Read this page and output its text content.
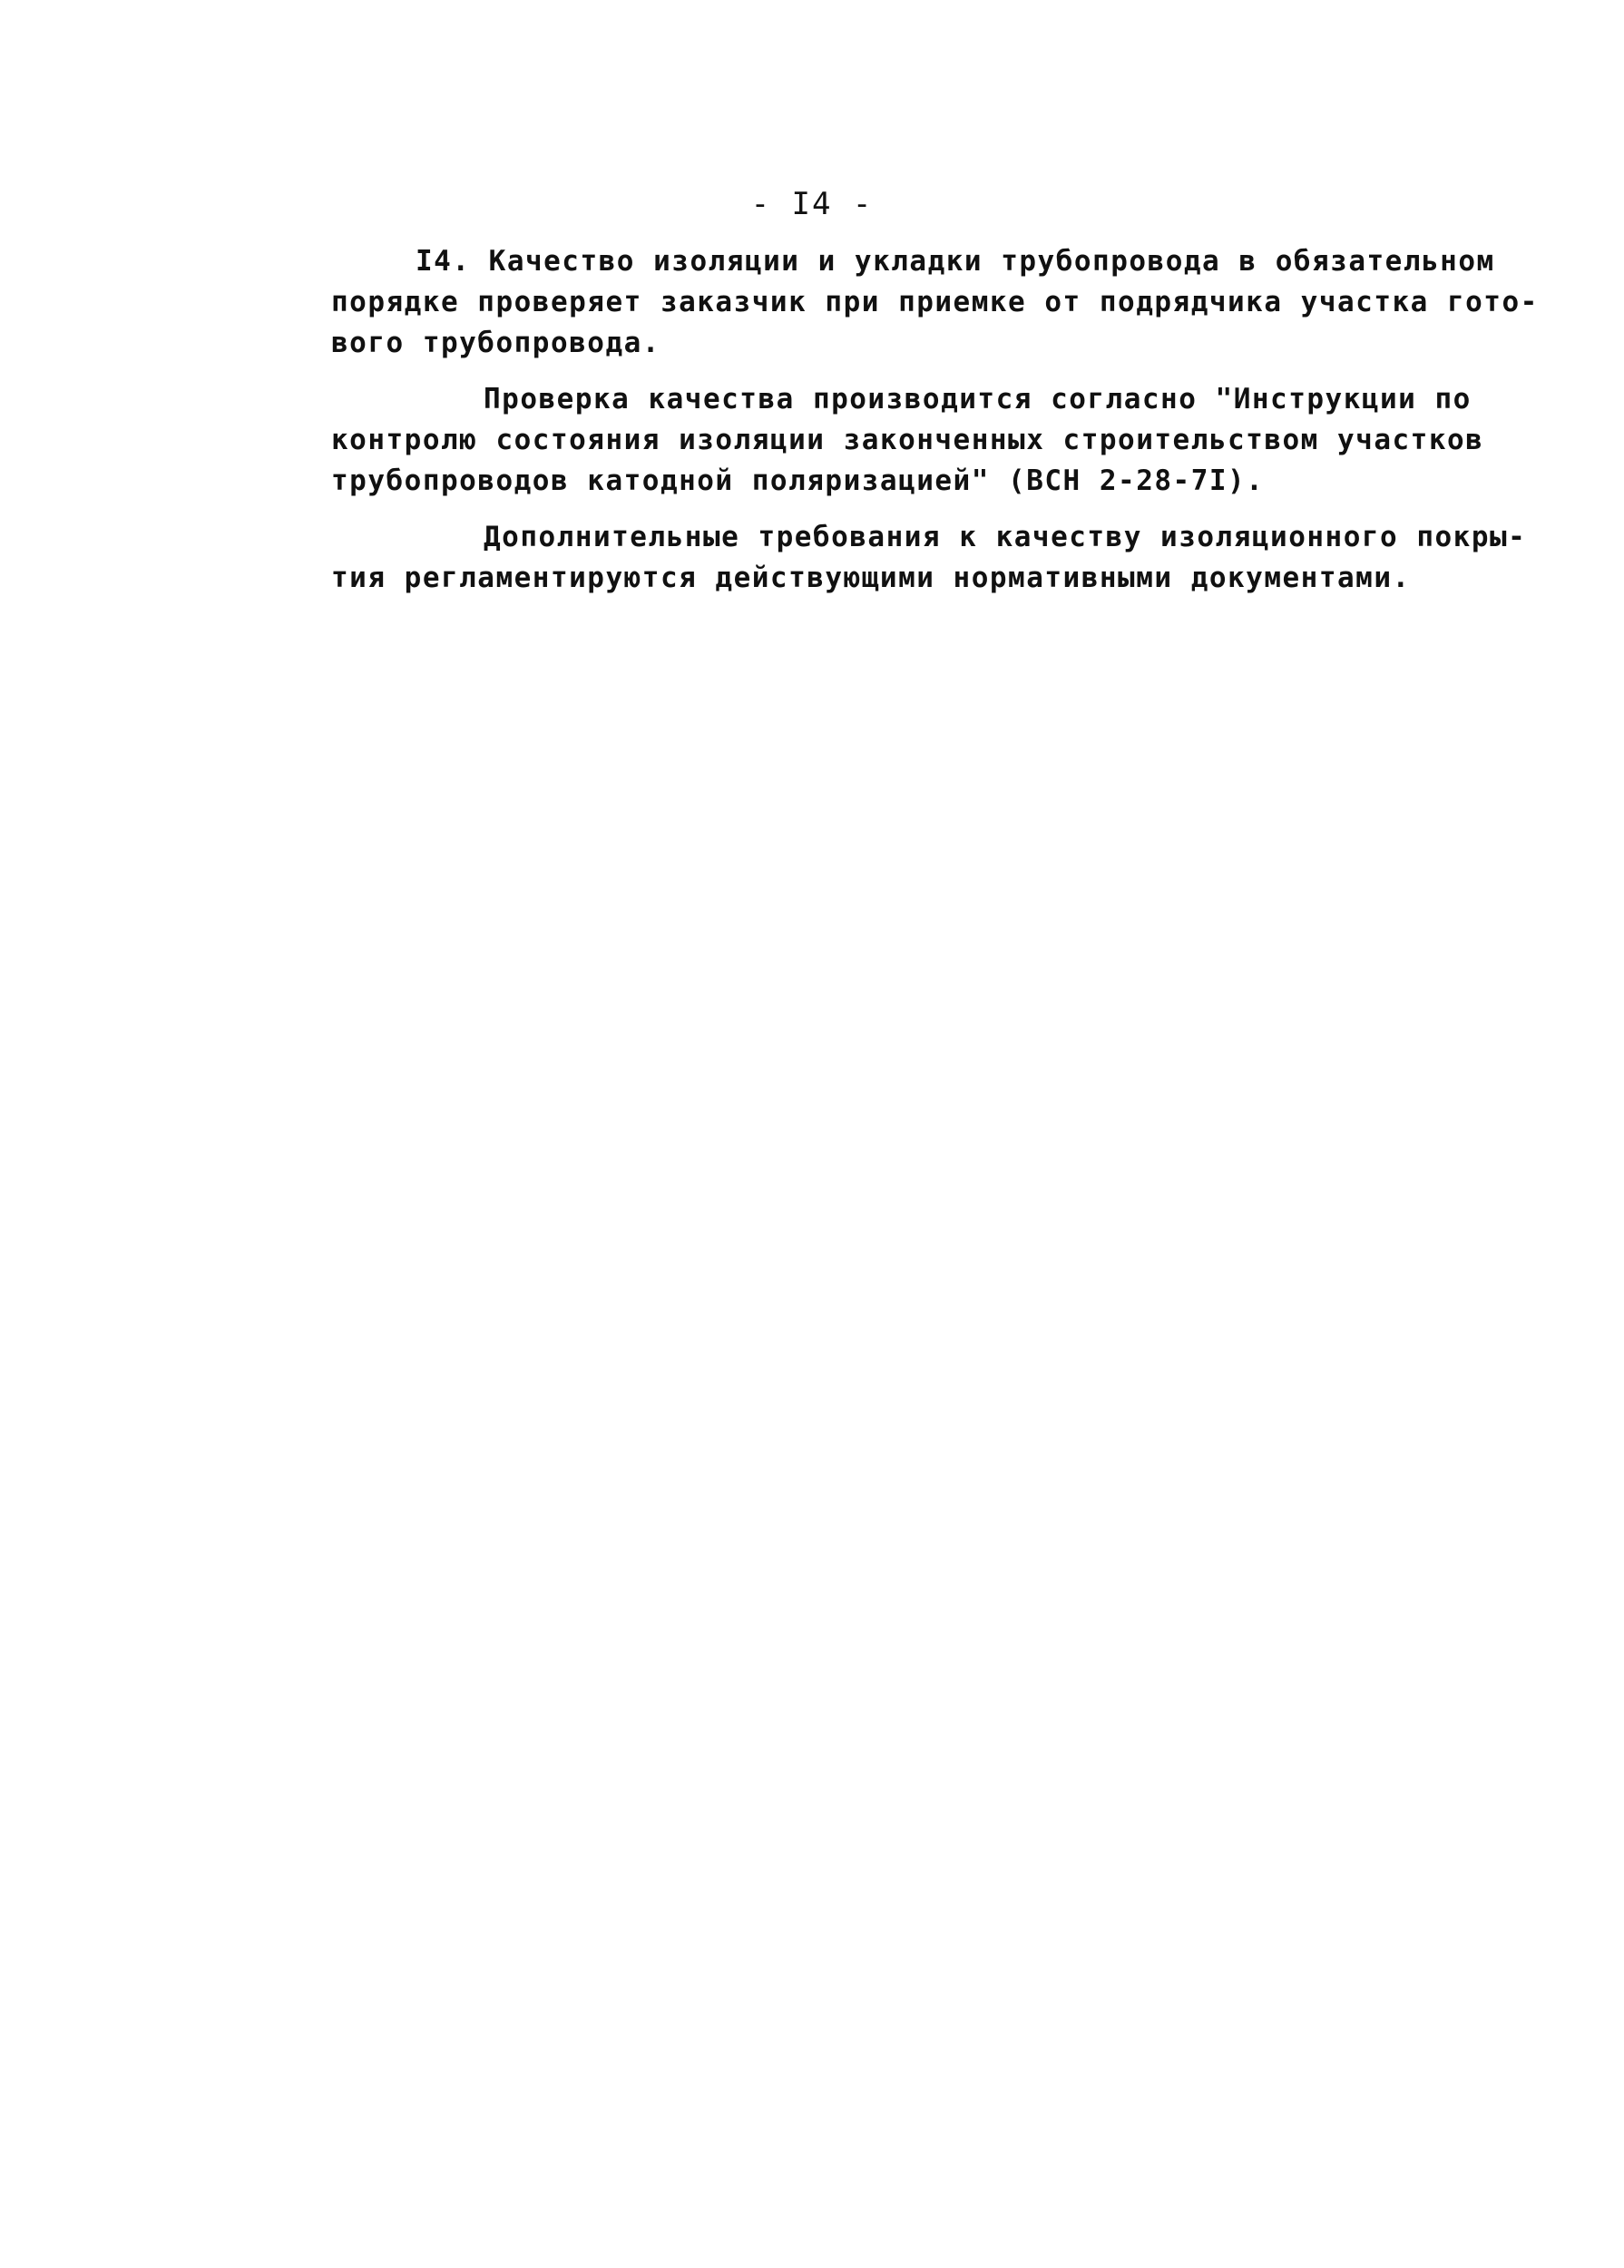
- I4 -
I4. Качество изоляции и укладки трубопровода в обязательном
порядке проверяет заказчик при приемке от подрядчика участка гото-
вого трубопровода.
Проверка качества производится согласно "Инструкции по
контролю состояния изоляции законченных строительством участков
трубопроводов катодной поляризацией" (ВСН 2-28-7I).
Дополнительные требования к качеству изоляционного покры-
тия регламентируются действующими нормативными документами.
